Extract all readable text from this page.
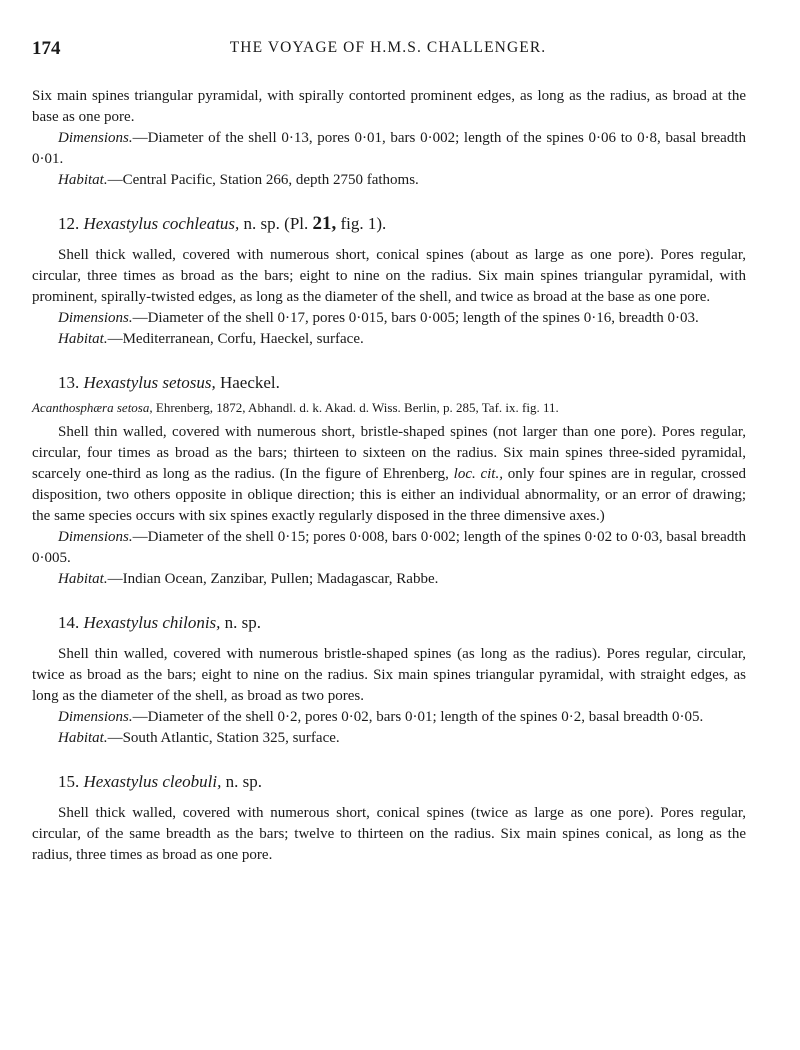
174	THE VOYAGE OF H.M.S. CHALLENGER.

Six main spines triangular pyramidal, with spirally contorted prominent edges, as long as the radius, as broad at the base as one pore.

Dimensions.—Diameter of the shell 0·13, pores 0·01, bars 0·002; length of the spines 0·06 to 0·8, basal breadth 0·01.

Habitat.—Central Pacific, Station 266, depth 2750 fathoms.

12. Hexastylus cochleatus, n. sp. (Pl. 21, fig. 1).

Shell thick walled, covered with numerous short, conical spines (about as large as one pore). Pores regular, circular, three times as broad as the bars; eight to nine on the radius. Six main spines triangular pyramidal, with prominent, spirally-twisted edges, as long as the diameter of the shell, and twice as broad at the base as one pore.

Dimensions.—Diameter of the shell 0·17, pores 0·015, bars 0·005; length of the spines 0·16, breadth 0·03.

Habitat.—Mediterranean, Corfu, Haeckel, surface.

13. Hexastylus setosus, Haeckel.

Acanthosphæra setosa, Ehrenberg, 1872, Abhandl. d. k. Akad. d. Wiss. Berlin, p. 285, Taf. ix. fig. 11.

Shell thin walled, covered with numerous short, bristle-shaped spines (not larger than one pore). Pores regular, circular, four times as broad as the bars; thirteen to sixteen on the radius. Six main spines three-sided pyramidal, scarcely one-third as long as the radius. (In the figure of Ehrenberg, loc. cit., only four spines are in regular, crossed disposition, two others opposite in oblique direction; this is either an individual abnormality, or an error of drawing; the same species occurs with six spines exactly regularly disposed in the three dimensive axes.)

Dimensions.—Diameter of the shell 0·15; pores 0·008, bars 0·002; length of the spines 0·02 to 0·03, basal breadth 0·005.

Habitat.—Indian Ocean, Zanzibar, Pullen; Madagascar, Rabbe.

14. Hexastylus chilonis, n. sp.

Shell thin walled, covered with numerous bristle-shaped spines (as long as the radius). Pores regular, circular, twice as broad as the bars; eight to nine on the radius. Six main spines triangular pyramidal, with straight edges, as long as the diameter of the shell, as broad as two pores.

Dimensions.—Diameter of the shell 0·2, pores 0·02, bars 0·01; length of the spines 0·2, basal breadth 0·05.

Habitat.—South Atlantic, Station 325, surface.

15. Hexastylus cleobuli, n. sp.

Shell thick walled, covered with numerous short, conical spines (twice as large as one pore). Pores regular, circular, of the same breadth as the bars; twelve to thirteen on the radius. Six main spines conical, as long as the radius, three times as broad as one pore.
